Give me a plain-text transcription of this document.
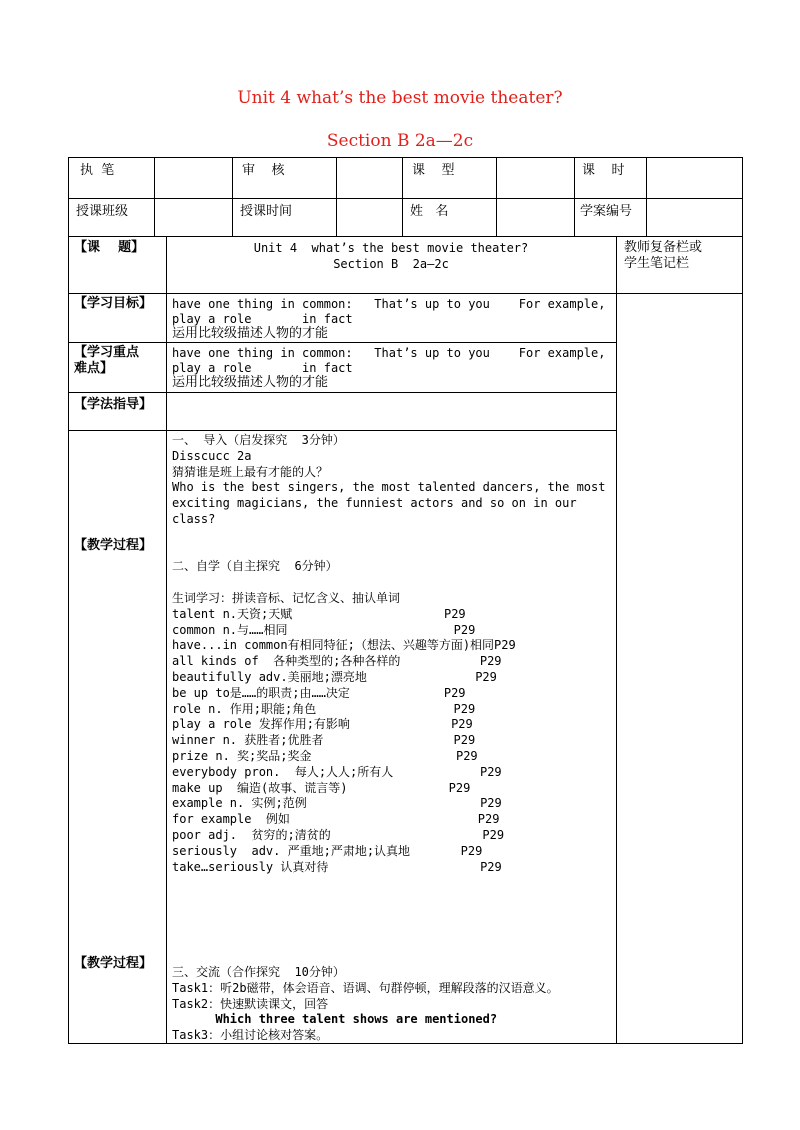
Unit 4 what’s the best movie theater?
Section B 2a—2c
执  笔	审    核	课    型	课    时
授课班级	授课时间	姓   名	学案编号
【课    题】	Unit 4  what’s the best movie theater?
Section B  2a—2c
教师复备栏或
学生笔记栏
【学习目标】 have one thing in common:   That’s up to you    For example,
play a role       in fact
运用比较级描述人物的才能
【学习重点
难点】
have one thing in common:   That’s up to you    For example,
play a role       in fact
运用比较级描述人物的才能
【学法指导】
【教学过程】
【教学过程】
一、 导入（启发探究  3分钟）
Disscucc 2a
猜猜谁是班上最有才能的人？
Who is the best singers, the most talented dancers, the most
exciting magicians, the funniest actors and so on in our
class?
二、自学（自主探究  6分钟）
生词学习：拼读音标、记忆含义、抽认单词
talent n.天资;天赋                     P29
common n.与……相同                       P29
have...in common有相同特征;（想法、兴趣等方面)相同P29
all kinds of  各种类型的;各种各样的           P29
beautifully adv.美丽地;漂亮地               P29
be up to是……的职责;由……决定             P29
role n. 作用;职能;角色                   P29
play a role 发挥作用;有影响              P29
winner n. 获胜者;优胜者                  P29
prize n. 奖;奖品;奖金                    P29
everybody pron.  每人;人人;所有人            P29
make up  编造(故事、谎言等)              P29
example n. 实例;范例                        P29
for example  例如                          P29
poor adj.  贫穷的;清贫的                     P29
seriously  adv. 严重地;严肃地;认真地       P29
take…seriously 认真对待                     P29
三、交流（合作探究  10分钟）
Task1：听2b磁带，体会语音、语调、句群停顿，理解段落的汉语意义。
Task2：快速默读课文，回答
Which three talent shows are mentioned?
Task3：小组讨论核对答案。
